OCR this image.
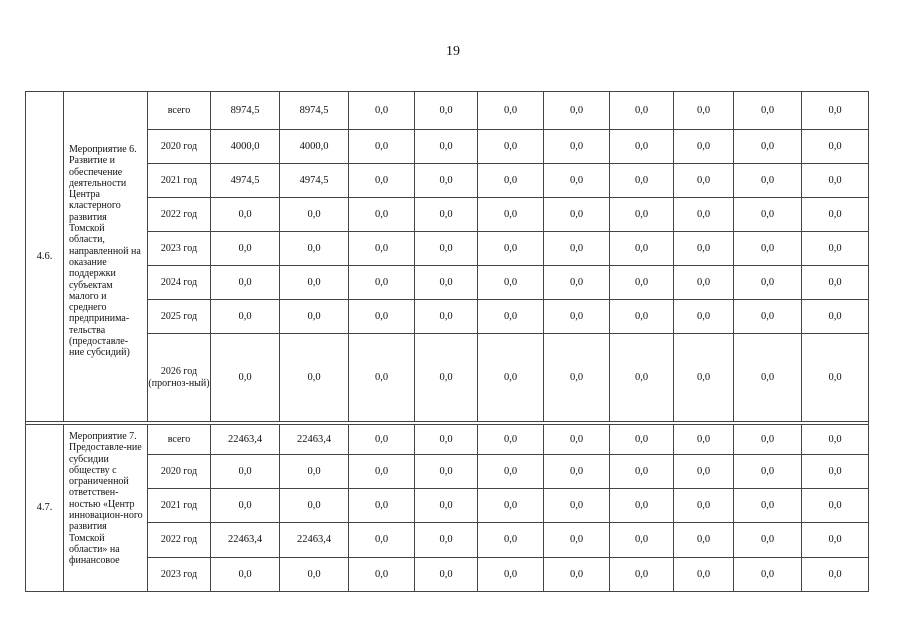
19
4.6.	Мероприятие 6. Развитие и обеспечение деятельности Центра кластерного развития Томской области, направленной на оказание поддержки субъектам малого и среднего предпринима-тельства (предоставле-ние субсидий)	всего	8974,5	8974,5	0,0	0,0	0,0	0,0	0,0	0,0	0,0	0,0
		2020 год	4000,0	4000,0	0,0	0,0	0,0	0,0	0,0	0,0	0,0	0,0
		2021 год	4974,5	4974,5	0,0	0,0	0,0	0,0	0,0	0,0	0,0	0,0
		2022 год	0,0	0,0	0,0	0,0	0,0	0,0	0,0	0,0	0,0	0,0
		2023 год	0,0	0,0	0,0	0,0	0,0	0,0	0,0	0,0	0,0	0,0
		2024 год	0,0	0,0	0,0	0,0	0,0	0,0	0,0	0,0	0,0	0,0
		2025 год	0,0	0,0	0,0	0,0	0,0	0,0	0,0	0,0	0,0	0,0
		2026 год (прогноз-ный)	0,0	0,0	0,0	0,0	0,0	0,0	0,0	0,0	0,0	0,0

4.7.	Мероприятие 7. Предоставле-ние субсидии обществу с ограниченной ответствен-ностью «Центр инновацион-ного развития Томской области» на финансовое	всего	22463,4	22463,4	0,0	0,0	0,0	0,0	0,0	0,0	0,0	0,0
		2020 год	0,0	0,0	0,0	0,0	0,0	0,0	0,0	0,0	0,0	0,0
		2021 год	0,0	0,0	0,0	0,0	0,0	0,0	0,0	0,0	0,0	0,0
		2022 год	22463,4	22463,4	0,0	0,0	0,0	0,0	0,0	0,0	0,0	0,0
		2023 год	0,0	0,0	0,0	0,0	0,0	0,0	0,0	0,0	0,0	0,0
